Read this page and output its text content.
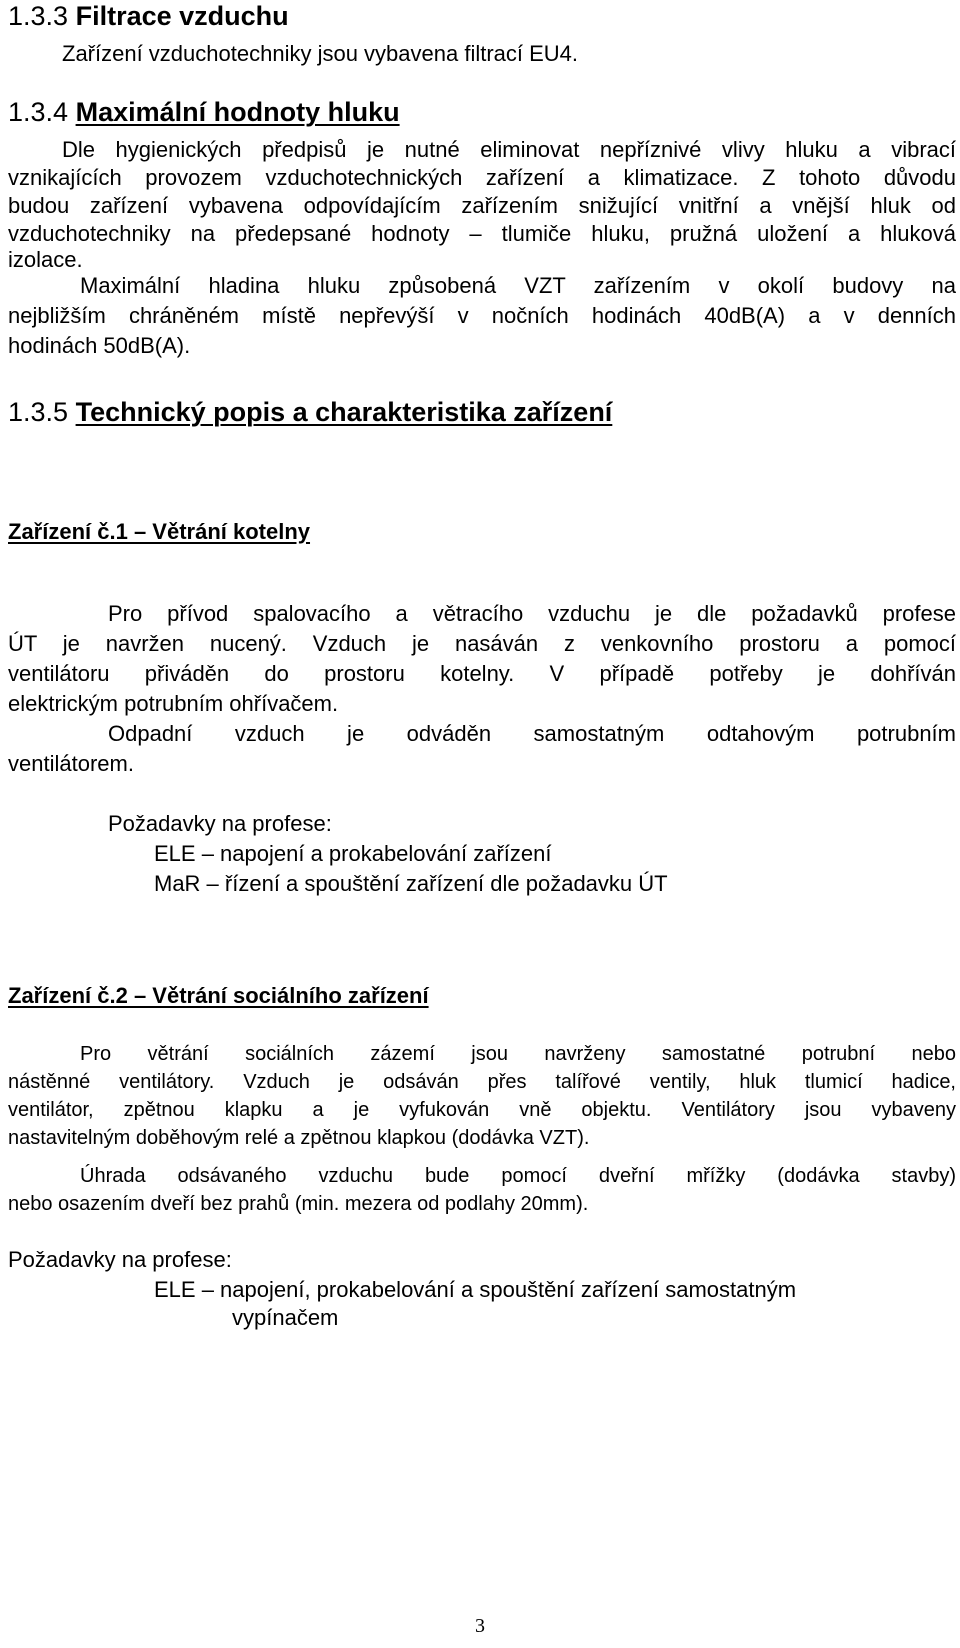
1.3.3 Filtrace vzduchu
Zařízení vzduchotechniky jsou vybavena filtrací EU4.
1.3.4 Maximální hodnoty hluku
Dle hygienických předpisů je nutné eliminovat nepříznivé vlivy hluku a vibrací
vznikajících provozem vzduchotechnických zařízení a klimatizace. Z tohoto důvodu
budou zařízení vybavena odpovídajícím zařízením snižující vnitřní a vnější hluk od
vzduchotechniky na předepsané hodnoty – tlumiče hluku, pružná uložení a hluková
izolace.
Maximální hladina hluku způsobená VZT zařízením v okolí budovy na
nejbližším chráněném místě nepřevýší v nočních hodinách 40dB(A) a v denních
hodinách 50dB(A).
1.3.5 Technický popis a charakteristika zařízení
Zařízení č.1 – Větrání kotelny
Pro přívod spalovacího a větracího vzduchu je dle požadavků profese
ÚT je navržen nucený. Vzduch je nasáván z venkovního prostoru a pomocí
ventilátoru přiváděn do prostoru kotelny. V případě potřeby je dohříván
elektrickým potrubním ohřívačem.
Odpadní vzduch je odváděn samostatným odtahovým potrubním
ventilátorem.
Požadavky na profese:
ELE – napojení a prokabelování zařízení
MaR – řízení a spouštění zařízení dle požadavku ÚT
Zařízení č.2 – Větrání sociálního zařízení
Pro větrání sociálních zázemí jsou navrženy samostatné potrubní nebo
nástěnné ventilátory. Vzduch je odsáván přes talířové ventily, hluk tlumicí hadice,
ventilátor, zpětnou klapku a je vyfukován vně objektu. Ventilátory jsou vybaveny
nastavitelným doběhovým relé a zpětnou klapkou (dodávka VZT).
Úhrada odsávaného vzduchu bude pomocí dveřní mřížky (dodávka stavby)
nebo osazením dveří bez prahů (min. mezera od podlahy 20mm).
Požadavky na profese:
ELE – napojení, prokabelování a spouštění zařízení samostatným
vypínačem
3
